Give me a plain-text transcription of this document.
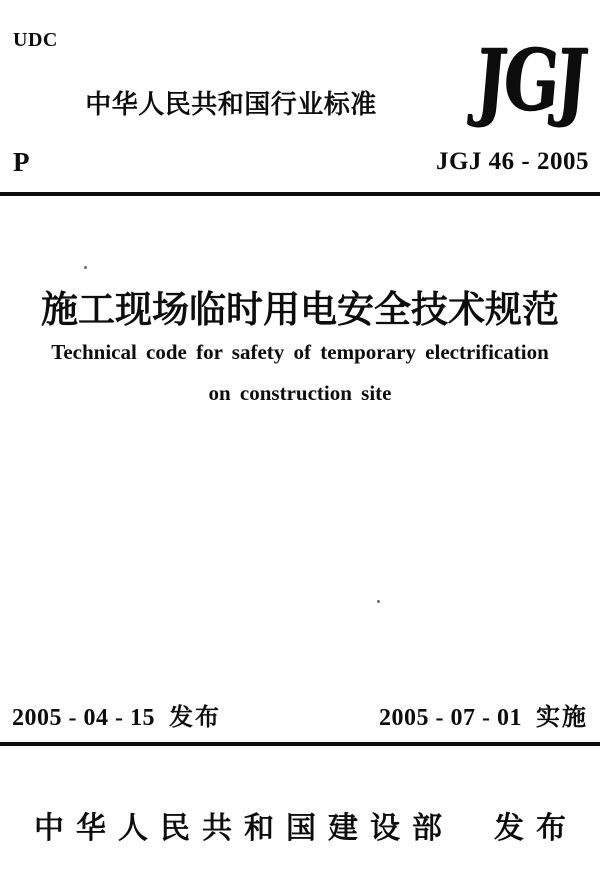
UDC
中华人民共和国行业标准	JGJ
P	JGJ 46 - 2005
施工现场临时用电安全技术规范
Technical code for safety of temporary electrification
on construction site
2005 - 04 - 15 发布	2005 - 07 - 01 实施
中华人民共和国建设部 发布
